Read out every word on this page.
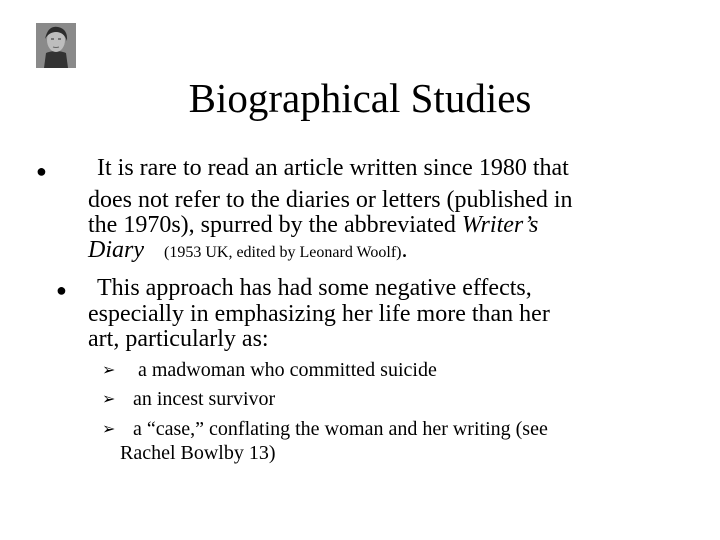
Biographical Studies
● It is rare to read an article written since 1980 that
does not refer to the diaries or letters (published in
the 1970s), spurred by the abbreviated Writer’s
Diary (1953 UK, edited by Leonard Woolf).
● This approach has had some negative effects,
especially in emphasizing her life more than her
art, particularly as:
➢ a madwoman who committed suicide
➢ an incest survivor
➢ a “case,” conflating the woman and her writing (see
Rachel Bowlby 13)
